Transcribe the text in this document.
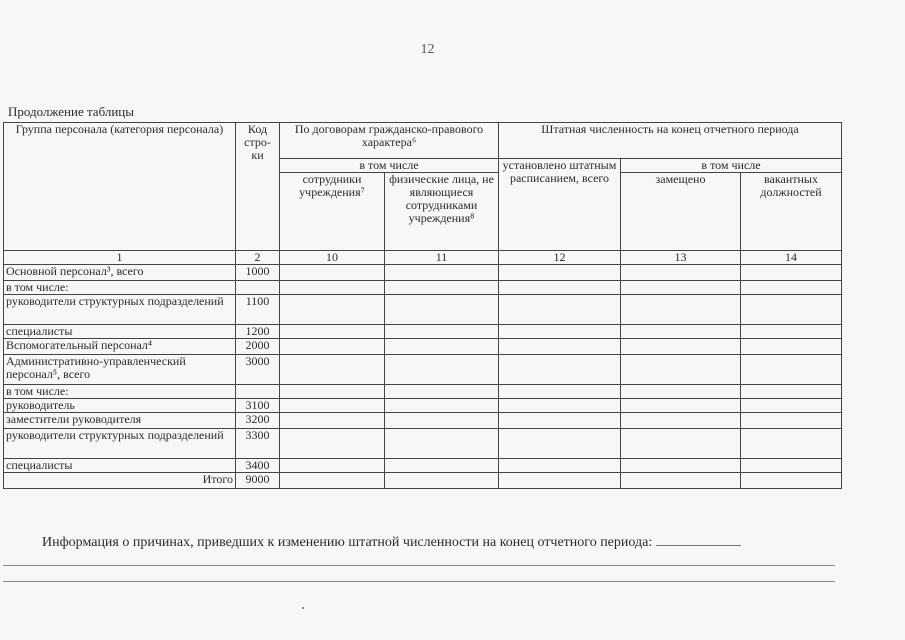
12
Продолжение таблицы
Группа персонала (категория персонала)	Код стро- ки	По договорам гражданско-правового характера⁶		Штатная численность на конец отчетного периода		
		в том числе		установлено штатным расписанием, всего	в том числе	
		сотрудники учреждения⁷	физические лица, не являющиеся сотрудниками учреждения⁸		замещено	вакантных должностей
1	2	10	11	12	13	14
Основной персонал³, всего	1000					
в том числе:						
руководители структурных подразделений	1100					
специалисты	1200					
Вспомогательный персонал⁴	2000					
Административно-управленческий персонал⁵, всего	3000					
в том числе:						
руководитель	3100					
заместители руководителя	3200					
руководители структурных подразделений	3300					
специалисты	3400					
Итого	9000					
Информация о причинах, приведших к изменению штатной численности на конец отчетного периода:
